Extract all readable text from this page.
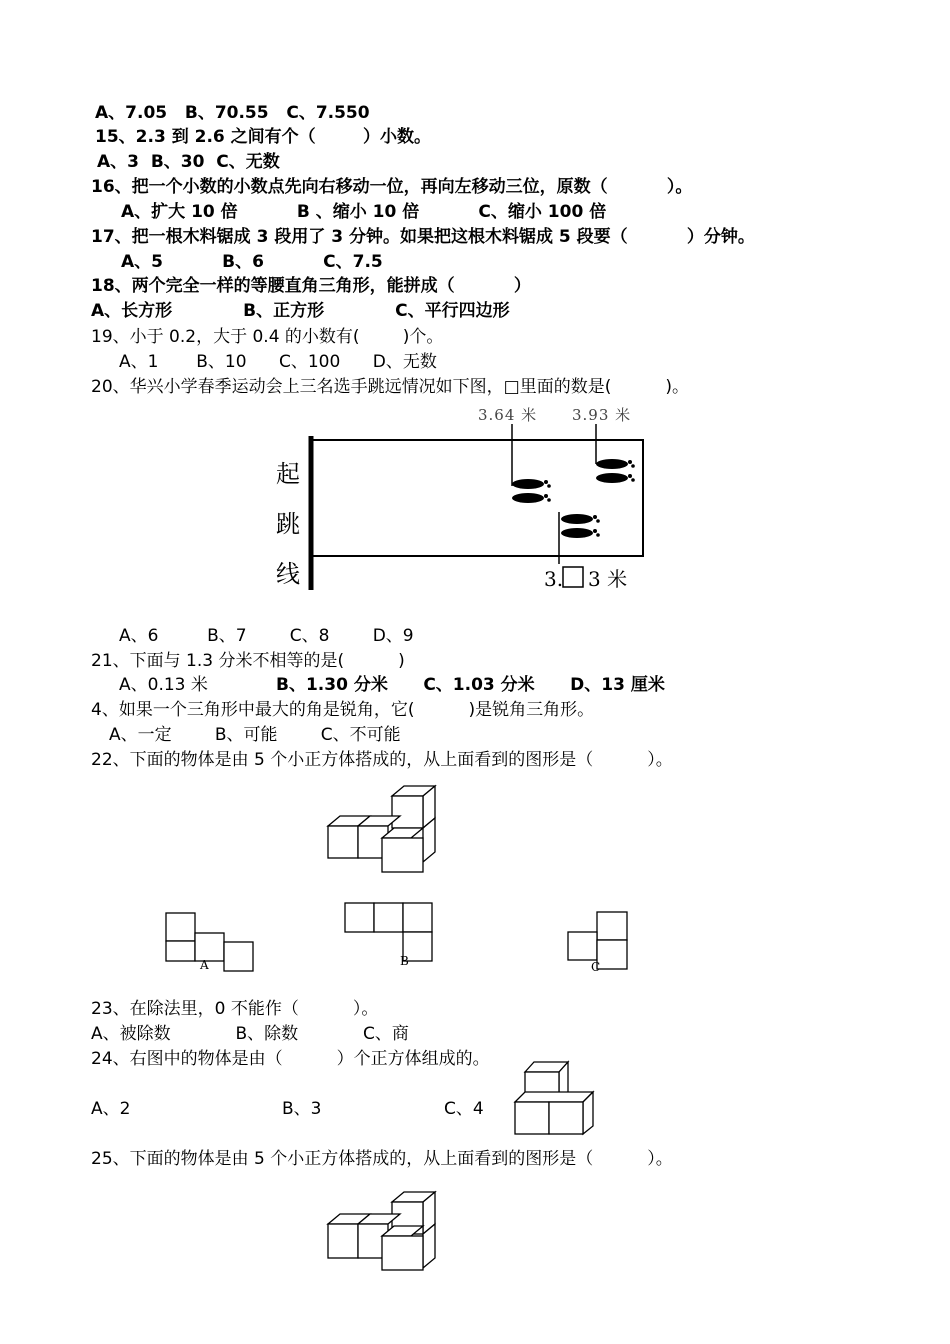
A、7.05   B、70.55   C、7.550
15、2.3 到 2.6 之间有个（        ）小数。
A、3  B、30  C、无数
16、把一个小数的小数点先向右移动一位，再向左移动三位，原数（          ）。
A、扩大 10 倍          B 、缩小 10 倍          C、缩小 100 倍
17、把一根木料锯成 3 段用了 3 分钟。如果把这根木料锯成 5 段要（          ）分钟。
A、5          B、6          C、7.5
18、两个完全一样的等腰直角三角形，能拼成（          ）
A、长方形            B、正方形            C、平行四边形
19、小于 0.2，大于 0.4 的小数有(        )个。
A、1       B、10      C、100      D、无数
20、华兴小学春季运动会上三名选手跳远情况如下图，□里面的数是(          )。
起
跳
线
3.64 米 3.93 米
3. 3 米
A、6         B、7        C、8        D、9
21、下面与 1.3 分米不相等的是(          )
A、0.13 米	B、1.30 分米      C、1.03 分米      D、13 厘米
4、如果一个三角形中最大的角是锐角，它(          )是锐角三角形。
A、一定        B、可能        C、不可能
22、下面的物体是由 5 个小正方体搭成的，从上面看到的图形是（          ）。
A	B	C
23、在除法里，0 不能作（          ）。
A、被除数            B、除数            C、商
24、右图中的物体是由（          ）个正方体组成的。
A、2	B、3	C、4
25、下面的物体是由 5 个小正方体搭成的，从上面看到的图形是（          ）。
